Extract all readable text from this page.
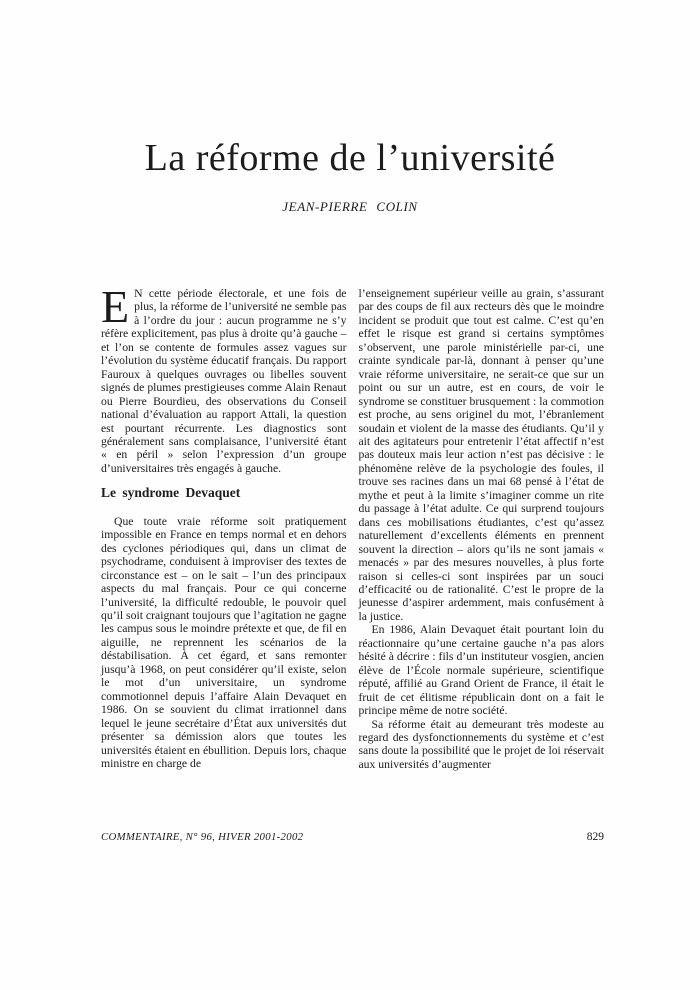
La réforme de l’université
JEAN-PIERRE COLIN

E N cette période électorale, et une fois de plus, la réforme de l’université ne semble pas à l’ordre du jour : aucun programme ne s’y réfère explicitement, pas plus à droite qu’à gauche – et l’on se contente de formules assez vagues sur l’évolution du système éducatif français. Du rapport Fauroux à quelques ouvrages ou libelles souvent signés de plumes prestigieuses comme Alain Renaut ou Pierre Bourdieu, des observations du Conseil national d’évaluation au rapport Attali, la question est pourtant récurrente. Les diagnostics sont généralement sans complaisance, l’université étant « en péril » selon l’expression d’un groupe d’universitaires très engagés à gauche.

Le syndrome Devaquet

Que toute vraie réforme soit pratiquement impossible en France en temps normal et en dehors des cyclones périodiques qui, dans un climat de psychodrame, conduisent à improviser des textes de circonstance est – on le sait – l’un des principaux aspects du mal français. Pour ce qui concerne l’université, la difficulté redouble, le pouvoir quel qu’il soit craignant toujours que l’agitation ne gagne les campus sous le moindre prétexte et que, de fil en aiguille, ne reprennent les scénarios de la déstabilisation. À cet égard, et sans remonter jusqu’à 1968, on peut considérer qu’il existe, selon le mot d’un universitaire, un syndrome commotionnel depuis l’affaire Alain Devaquet en 1986. On se souvient du climat irrationnel dans lequel le jeune secrétaire d’État aux universités dut présenter sa démission alors que toutes les universités étaient en ébullition. Depuis lors, chaque ministre en charge de

l’enseignement supérieur veille au grain, s’assurant par des coups de fil aux recteurs dès que le moindre incident se produit que tout est calme. C’est qu’en effet le risque est grand si certains symptômes s’observent, une parole ministérielle par-ci, une crainte syndicale par-là, donnant à penser qu’une vraie réforme universitaire, ne serait-ce que sur un point ou sur un autre, est en cours, de voir le syndrome se constituer brusquement : la commotion est proche, au sens originel du mot, l’ébranlement soudain et violent de la masse des étudiants. Qu’il y ait des agitateurs pour entretenir l’état affectif n’est pas douteux mais leur action n’est pas décisive : le phénomène relève de la psychologie des foules, il trouve ses racines dans un mai 68 pensé à l’état de mythe et peut à la limite s’imaginer comme un rite du passage à l’état adulte. Ce qui surprend toujours dans ces mobilisations étudiantes, c’est qu’assez naturellement d’excellents éléments en prennent souvent la direction – alors qu’ils ne sont jamais « menacés » par des mesures nouvelles, à plus forte raison si celles-ci sont inspirées par un souci d’efficacité ou de rationalité. C’est le propre de la jeunesse d’aspirer ardemment, mais confusément à la justice.

En 1986, Alain Devaquet était pourtant loin du réactionnaire qu’une certaine gauche n’a pas alors hésité à décrire : fils d’un instituteur vosgien, ancien élève de l’École normale supérieure, scientifique réputé, affilié au Grand Orient de France, il était le fruit de cet élitisme républicain dont on a fait le principe même de notre société.

Sa réforme était au demeurant très modeste au regard des dysfonctionnements du système et c’est sans doute la possibilité que le projet de loi réservait aux universités d’augmenter

COMMENTAIRE, N° 96, HIVER 2001-2002	829
